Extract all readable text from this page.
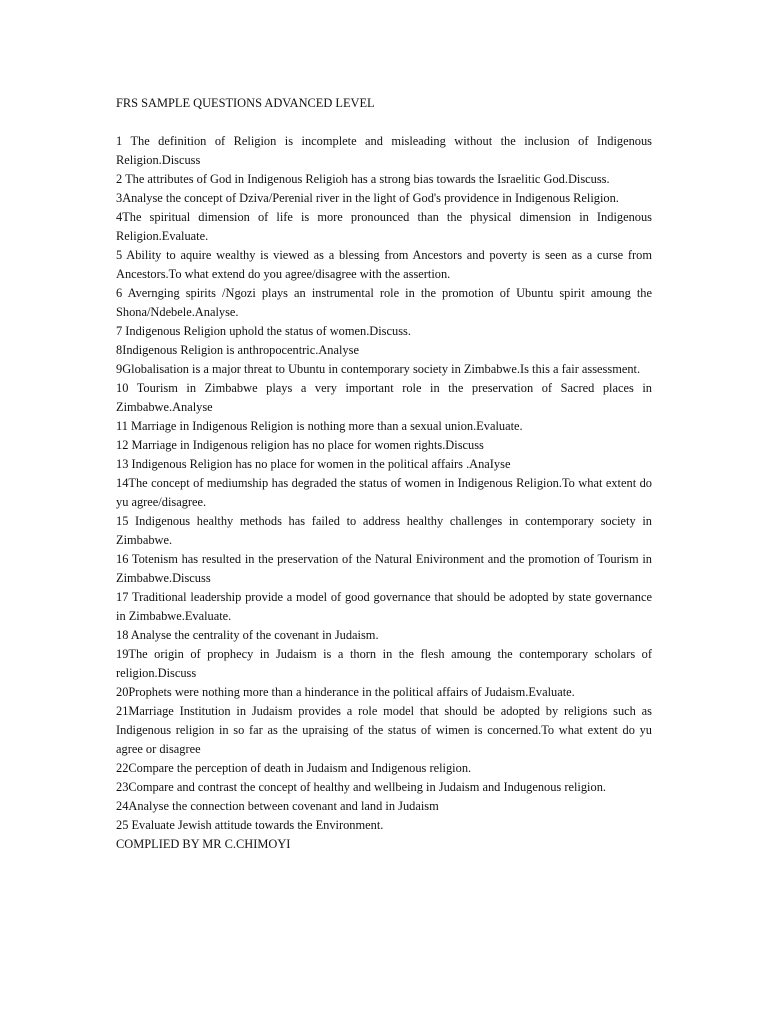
FRS SAMPLE QUESTIONS ADVANCED LEVEL

1 The definition of Religion is incomplete and misleading without the inclusion of Indigenous Religion.Discuss
2 The attributes of God in Indigenous Religioh has a strong bias towards the Israelitic God.Discuss.
3Analyse the concept of Dziva/Perenial river in the light of God's providence in Indigenous Religion.
4The spiritual dimension of life is more pronounced than the physical dimension in Indigenous Religion.Evaluate.
5 Ability to aquire wealthy is viewed as a blessing from Ancestors and poverty is seen as a curse from Ancestors.To what extend do you agree/disagree with the assertion.
6 Avernging spirits /Ngozi plays an instrumental role in the promotion of Ubuntu spirit amoung the Shona/Ndebele.Analyse.
7 Indigenous Religion uphold the status of women.Discuss.
8Indigenous Religion is anthropocentric.Analyse
9Globalisation is a major threat to Ubuntu in contemporary society in Zimbabwe.Is this a fair assessment.
10 Tourism in Zimbabwe plays a very important role in the preservation of Sacred places in Zimbabwe.Analyse
11 Marriage in Indigenous Religion is nothing more than a sexual union.Evaluate.
12 Marriage in Indigenous religion has no place for women rights.Discuss
13 Indigenous Religion has no place for women in the political affairs .AnaIyse
14The concept of mediumship has degraded the status of women in Indigenous Religion.To what extent do yu agree/disagree.
15 Indigenous healthy methods has failed to address healthy challenges in contemporary society in Zimbabwe.
16 Totenism has resulted in the preservation of the Natural Enivironment and the promotion of Tourism in Zimbabwe.Discuss
17 Traditional leadership provide a model of good governance that should be adopted by state governance in Zimbabwe.Evaluate.
18 Analyse the centrality of the covenant in Judaism.
19The origin of prophecy in Judaism is a thorn in the flesh amoung the contemporary scholars of religion.Discuss
20Prophets were nothing more than a hinderance in the political affairs of Judaism.Evaluate.
21Marriage Institution in Judaism provides a role model that should be adopted by religions such as Indigenous religion in so far as the upraising of the status of wimen is concerned.To what extent do yu agree or disagree
22Compare the perception of death in Judaism and Indigenous religion.
23Compare and contrast the concept of healthy and wellbeing in Judaism and Indugenous religion.
24Analyse the connection between covenant and land in Judaism
25 Evaluate Jewish attitude towards the Environment.

COMPLIED BY MR C.CHIMOYI
